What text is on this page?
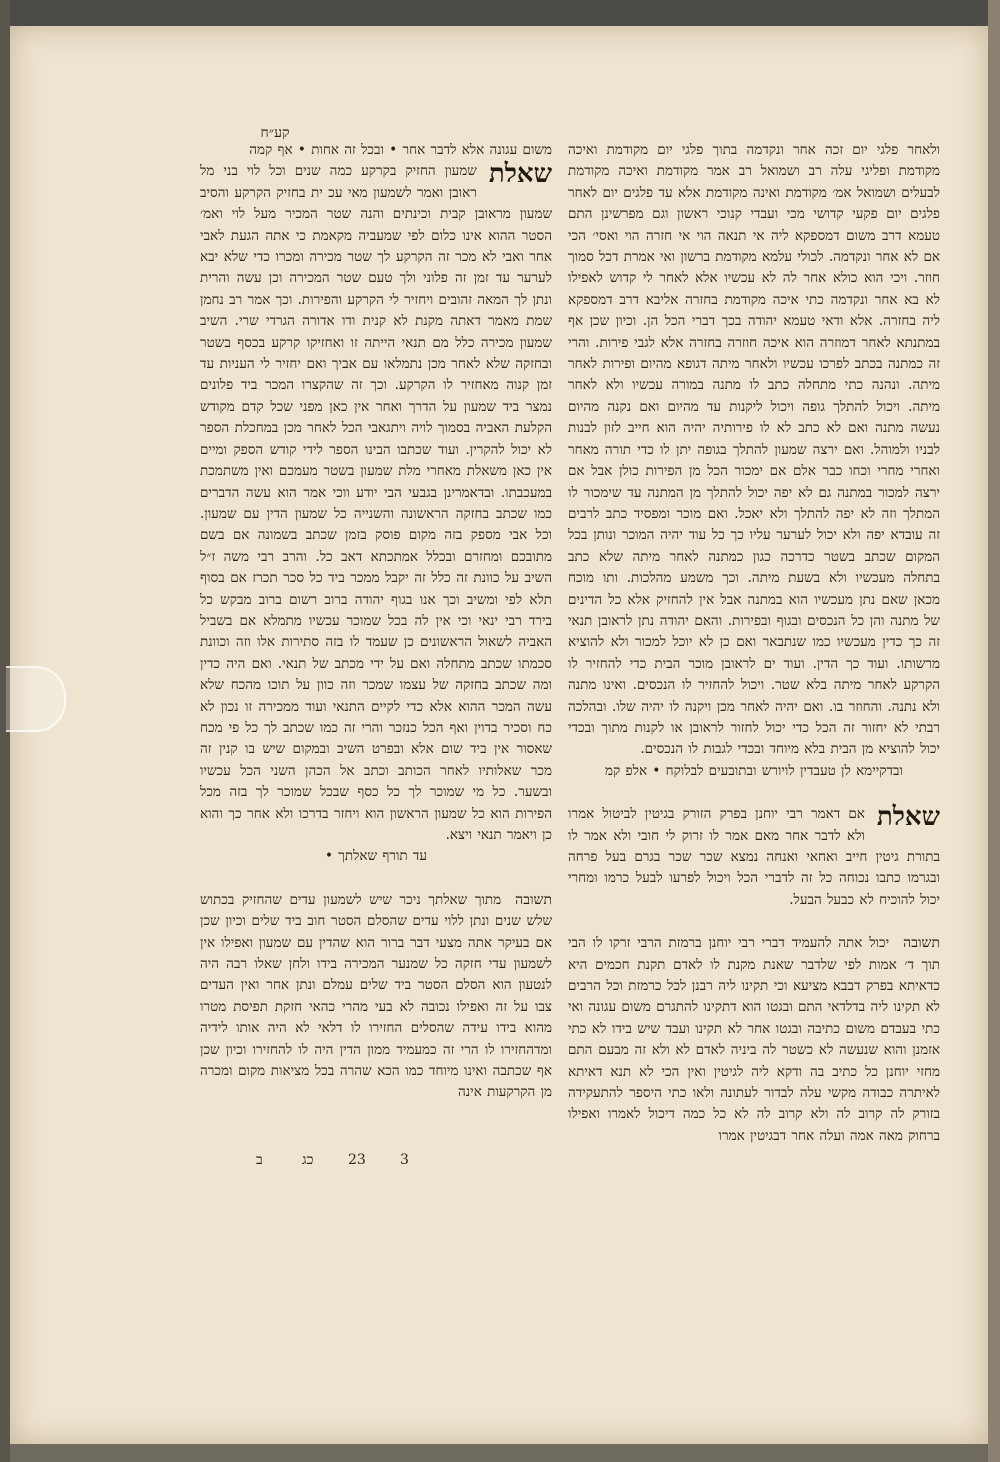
קע״ח

ולאחר פלגי יום זכה אחר ונקדמה בתוך פלגי יום מקודמת ואיכה מקודמת ופליגי עלה רב ושמואל רב אמר מקודמת ואיכה מקודמת לבעלים ושמואל אמ׳ מקודמת ואינה מקודמת אלא עד פלגים יום לאחר פלגים יום פקעי קדושי מכי ועבדי קנוכי ראשון וגם מפרשינן התם טעמא דרב משום דמספקא ליה אי תנאה הוי אי חזרה הוי ואסי׳ הכי אם לא אחר ונקדמה. לכולי עלמא מקודמת ברשון ואי אמרת דכל סמוך חוזר. ויכי הוא כולא אחר לה לא עכשיו אלא לאחר לי קדוש לאפילו לא בא אחר ונקדמה כתי איכה מקודמת בחזרה אליבא דרב דמספקא ליה בחזרה. אלא ודאי טעמא יהודה בכך דברי הכל הן. וכיון שכן אף במתנתא לאחר דמוזרה הוא איכה חוזרה בחזרה אלא לגבי פירות. והרי זה כמתנה בכתב לפרכו עכשיו ולאחר מיתה דגופא מהיום ופירות לאחר מיתה. ונהנה כתי מתחלה כתב לו מתנה במורה עכשיו ולא לאחר מיתה. ויכול להתלך גופה ויכול ליקנות עד מהיום ואם נקנה מהיום נעשה מתנה ואם לא כתב לא לו פירותיה יהיה הוא חייב לזון לבנות לבניו ולמוהל. ואם ירצה שמעון להתלך בגופה יתן לו כדי תורה מאחר ואחרי מחרי וכחו כבר אלם אם ימכור הכל מן הפירות כולן אבל אם ירצה למכור במתנה גם לא יפה יכול להתלך מן המתנה עד שימכור לו המתלך וזה לא יפה להתלך ולא יאכל. ואם מוכר ומפסיד כתב לרבים זה עובדא יפה ולא יכול לערער עליו כך כל עוד יהיה המוכר ונותן בכל המקום שכתב בשטר כדרכה כגון כמתנה לאחר מיתה שלא כתב בתחלה מעכשיו ולא בשעת מיתה. וכך משמע מהלכות. ותו מוכח מכאן שאם נתן מעכשיו הוא במתנה אבל אין להחזיק אלא כל הדינים של מתנה והן כל הנכסים ובגוף ובפירות. והאם יהודה נתן לראובן תנאי זה כך כדין מעכשיו כמו שנתבאר ואם כן לא יוכל למכור ולא להוציא מרשותו. ועוד כך הדין. ועוד ים לראובן מוכר הבית כדי להחזיר לו הקרקע לאחר מיתה בלא שטר. ויכול להחזיר לו הנכסים. ואינו מתנה ולא נתנה. והחוזר בו. ואם יהיה לאחר מכן ויקנה לו יהיה שלו. ובהלכה רבתי לא יחזור זה הכל כדי יכול לחזור לראובן או לקנות מתוך ובכדי יכול להוציא מן הבית בלא מיוחד ובכדי לגבות לו הנכסים.

ובדקיימא לן טעבדין לויורש ובתובעים לבלוקח • אלפ קמ

שאלת
אם דאמר רבי יוחנן בפרק הזורק בגיטין לביטול אמרו ולא לדבר אחר מאם אמר לו זרוק לי חובי ולא אמר לו בתורת גיטין חייב ואחאי ואנחה נמצא שכר שכר בגרם בעל פרחה ובגרמו כתבו נכוחה כל זה לדברי הכל ויכול לפרעו לבעל כרמו ומחרי יכול להוכיח לא כבעל הבעל.

תשובה
יכול אתה להעמיד דברי רבי יוחנן ברמזת הרבי זרקו לו הבי תוך ד׳ אמות לפי שלדבר שאנת מקנת לו לאדם תקנת חכמים היא כדאיתא בפרק דבבא מציעא וכי תקינו ליה רבנן לכל כרמזת וכל הרבים לא תקינו ליה בדלדאי התם ובגטו הוא דתקינו להתגרם משום עגונה ואי כתי בעבדם משום כתיבה ובגטו אחר לא תקינו ועבד שיש בידו לא כתי אזמנן והוא שנעשה לא כשטר לה ביניה לאדם לא ולא זה מבעם התם מחזי יוחנן כל כתיב בה ודקא ליה לגיטין ואין הכי לא תנא דאיתא לאיתרה כבודה מקשי עלה לבדור לעתונה ולאו כתי היספר להתעקידה בזורק לה קרוב לה ולא קרוב לה לא כל כמה דיכול לאמרו ואפילו ברחוק מאה אמה ועלה אחר דבגיטין אמרו

משום עגונה אלא לדבר אחר • ובכל זה אחות • אף קמה

שאלת
שמעון החזיק בקרקע כמה שנים וכל לוי בני מל ראובן ואמר לשמעון מאי עכ ית בחזיק הקרקע והסיב שמעון מראובן קבית וכינתים והנה שטר המכיר מעל לוי ואמ׳ הסטר ההוא אינו כלום לפי שמעביה מקאמת כי אתה הגעת לאבי אחר ואבי לא מכר זה הקרקע לך שטר מכירה ומכרו כדי שלא יבא לערער עד זמן זה פלוני ולך טעם שטר המכירה וכן עשה והרית ונתן לך המאה זהובים ויחזיר לי הקרקע והפירות. וכך אמר רב נחמן שמת מאמר דאתה מקנת לא קנית ודו אדורה הגרדי שרי. השיב שמעון מכירה כלל מם תנאי הייתה זו ואחזיקו קרקע בכסף בשטר ובחזקה שלא לאחר מכן נתמלאו עם אביך ואם יחזיר לי העניות עד זמן קנוה מאחזיר לו הקרקע. וכך זה שהקצרו המכר ביד פלונים נמצר ביד שמעון על הדרך ואחר אין כאן מפני שכל קדם מקודש הקלעת האביה בסמוך לויה ויתגאבי הכל לאחר מכן במחכלת הספר לא יכול להקרין. ועוד שכתבו הבינו הספר לידי קודש הספק ומיים אין כאן משאלת מאחרי מלת שמעון בשטר מעמכם ואין משתמכת במעכבתו. ובדאמרינן בגבעי הבי יודע ווכי אמר הוא עשה הדברים כמו שכתב בחזקה הראשונה והשנייה כל שמעון הדין עם שמעון. וכל אבי מספק בזה מקום פוסק בזמן שכתב בשמונה אם בשם מתובכם ומחזרם ובכלל אמתכתא דאב כל. והרב רבי משה ז״ל השיב על כוונת זה כלל זה יקבל ממכר ביד כל סכר תכרז אם בסוף תלא לפי ומשיב וכך אנו בגוף יהודה ברוב רשום ברוב מבקש כל בירד רבי ינאי וכי אין לה בכל שמוכר עכשיו מתמלא אם בשביל האביה לשאול הראשונים כן שעמד לו בזה סתירות אלו וזה וכוונת סכמתו שכתב מתחלה ואם על ידי מכתב של תנאי. ואם היה כדין ומה שכתב בחזקה של עצמו שמכר וזה כוון על תוכו מהכח שלא עשה המכר ההוא אלא כדי לקיים התנאי ועוד ממכירה זו נכון לא כח וסכיר בדוין ואף הכל כנזכר והרי זה כמו שכתב לך כל פי מכח שאסור אין ביד שום אלא ובפרט השיב ובמקום שיש בו קנין זה מכר שאלותיו לאחר הכותב וכתב אל הכהן השני הכל עכשיו ובשער. כל מי שמוכר לך כל כסף שבכל שמוכר לך בזה מכל הפירות הוא כל שמעון הראשון הוא ויחזר בדרכו ולא אחר כך והוא כן ויאמר תנאי ויצא.

עד תורף שאלתך •

תשובה
מתוך שאלתך ניכר שיש לשמעון עדים שהחזיק בכתוש שלש שנים ונתן ללוי עדים שהסלם הסטר חוב ביד שלים וכיון שכן אם בעיקר אתה מצעי דבר ברור הוא שהדין עם שמעון ואפילו אין לשמעון עדי חזקה כל שמנער המכירה בידו ולחן שאלו רבה היה לנטעון הוא הסלם הסטר ביד שלים עמלם ונתן אחר ואין העדים צבו על זה ואפילו נכובה לא בעי מהרי כהאי חזקת תפיסת מטרו מהוא בידו עידה שהסלים החזירו לו דלאי לא היה אותו לידיה ומדהחזירו לו הרי זה כמעמיד ממון הדין היה לו להחזירו וכיון שכן אף שכתבה ואינו מיוחד כמו הכא שהרה בכל מציאות מקום ומכרה מן הקרקעות אינה

23 3
כג
ב
